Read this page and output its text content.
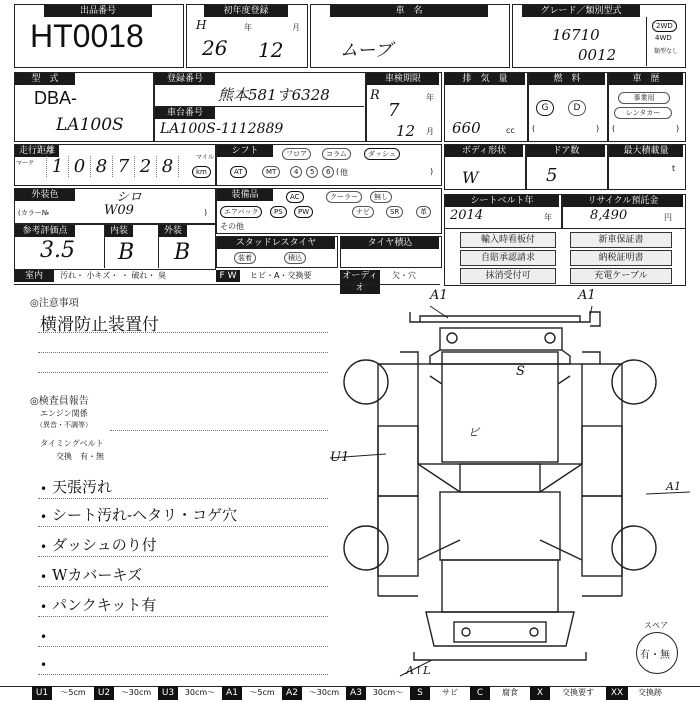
出品番号
HT0018
初年度登録
H
26
年
12
月
車　名
ムーブ
グレード／類別型式
16710
0012
2WD
4WD
類型なし
型　式
DBA-
LA100S
登録番号
熊本581す6328
車台番号
LA100S-1112889
車検期限
R
7
年
12 月
排　気　量
660	cc
燃　料
G	D
(	)
車　歴
事業用
レンタカー
(	)
走行距離
マーク 1 0 8 7 2 8	マイル
km
シフト	フロア	コラム	ダッシュ
AT	MT	4	5	6	他
(	)
ボディ形状
W
ドア数
5
最大積載量
t
外装色	シロ
(カラー№	W09	)
装備品	AC	クーラー	無し
エアバック	PS	PW	ナビ	SR	革
その他
シートベルト年
2014	年
リサイクル預託金
8,490	円
参考評価点
3.5
内装
B
外装
B	スタッドレスタイヤ
装着	積込
タイヤ積込
F W	ヒビ・A・交換要	オーディオ
欠・穴
室内	汚れ・ 小キズ・ ・ 破れ・ 臭
輸入時看板付	新車保証書
自賠承認請求	納税証明書
抹消受付可	充電ケーブル
◎注意事項
横滑防止装置付
◎検査員報告
エンジン関係
（異音・不調等）
タイミングベルト
交換　有・無
• 天張汚れ
• シート汚れ-ヘタリ・コゲ穴
• ダッシュのり付
• Wカバーキズ
• パンクキット有
•
•
A1	A1
S
ビ
U1
A1
A↑L
スペア
有・無
U1	～5cm	U2	～30cm	U3	30cm～	A1	～5cm	A2	～30cm	A3	30cm～	S	サビ	C	腐食	X	交換要す	XX	交換跡
